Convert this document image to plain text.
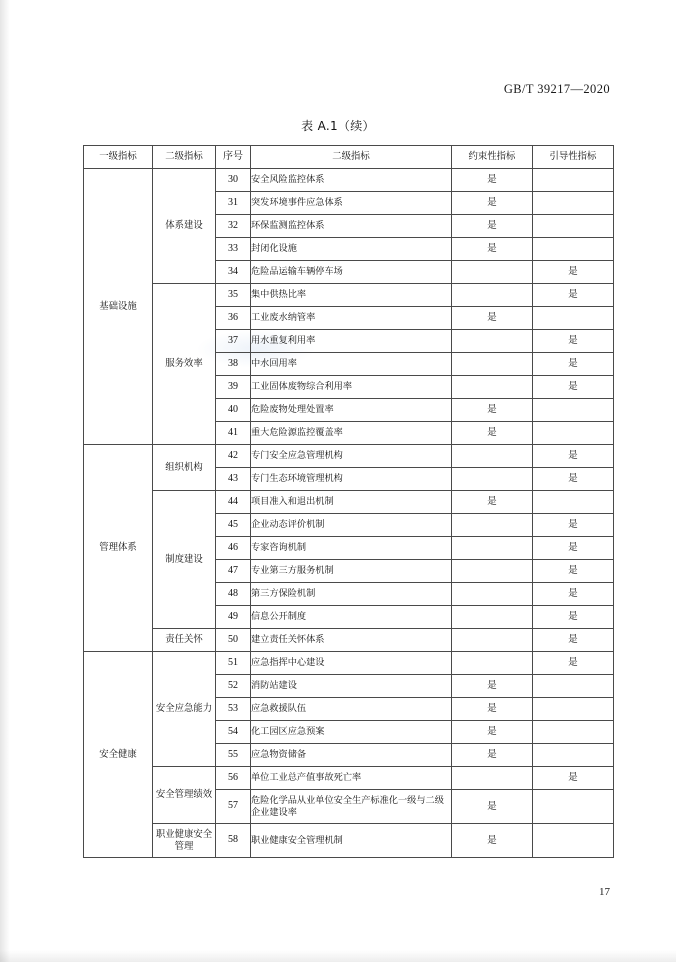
GB/T 39217—2020
表 A.1（续）
一级指标	二级指标	序号	二级指标	约束性指标	引导性指标
基础设施	体系建设	30	安全风险监控体系	是	
		31	突发环境事件应急体系	是	
		32	环保监测监控体系	是	
		33	封闭化设施	是	
		34	危险品运输车辆停车场		是
	服务效率	35	集中供热比率		是
		36	工业废水纳管率	是	
		37	用水重复利用率		是
		38	中水回用率		是
		39	工业固体废物综合利用率		是
		40	危险废物处理处置率	是	
		41	重大危险源监控覆盖率	是	
管理体系	组织机构	42	专门安全应急管理机构		是
		43	专门生态环境管理机构		是
	制度建设	44	项目准入和退出机制	是	
		45	企业动态评价机制		是
		46	专家咨询机制		是
		47	专业第三方服务机制		是
		48	第三方保险机制		是
		49	信息公开制度		是
	责任关怀	50	建立责任关怀体系		是
安全健康	安全应急能力	51	应急指挥中心建设		是
		52	消防站建设	是	
		53	应急救援队伍	是	
		54	化工园区应急预案	是	
		55	应急物资储备	是	
	安全管理绩效	56	单位工业总产值事故死亡率		是
		57	危险化学品从业单位安全生产标准化一级与二级企业建设率	是	
	职业健康安全管理	58	职业健康安全管理机制	是	
17
